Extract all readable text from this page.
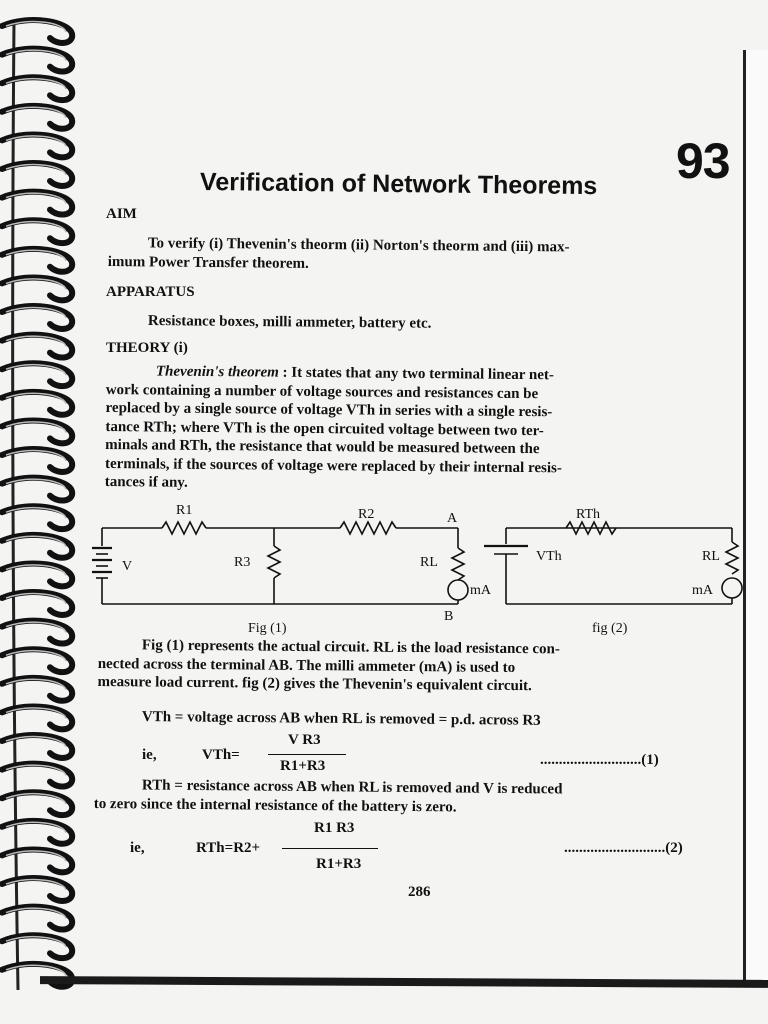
93
Verification of Network Theorems
AIM
To verify (i) Thevenin's theorm (ii) Norton's theorm and (iii) max-
imum Power Transfer theorem.
APPARATUS
Resistance boxes, milli ammeter, battery etc.
THEORY (i)
Thevenin's theorem : It states that any two terminal linear net-
work containing a number of voltage sources and resistances can be
replaced by a single source of voltage VTh in series with a single resis-
tance RTh; where VTh is the open circuited voltage between two ter-
minals and RTh, the resistance that would be measured between the
terminals, if the sources of voltage were replaced by their internal resis-
tances if any.
R1	R2	A
R3
V	RL
mA
B
Fig (1)
RTh
VTh	RL
mA
fig (2)
Fig (1) represents the actual circuit. RL is the load resistance con-
nected across the terminal AB. The milli ammeter (mA) is used to
measure load current. fig (2) gives the Thevenin's equivalent circuit.
VTh = voltage across AB when RL is removed = p.d. across R3
ie,	VTh=
V R3
R1+R3	...........................(1)
RTh = resistance across AB when RL is removed and V is reduced
to zero since the internal resistance of the battery is zero.
ie,	RTh=R2+
R1 R3
R1+R3
...........................(2)
286
